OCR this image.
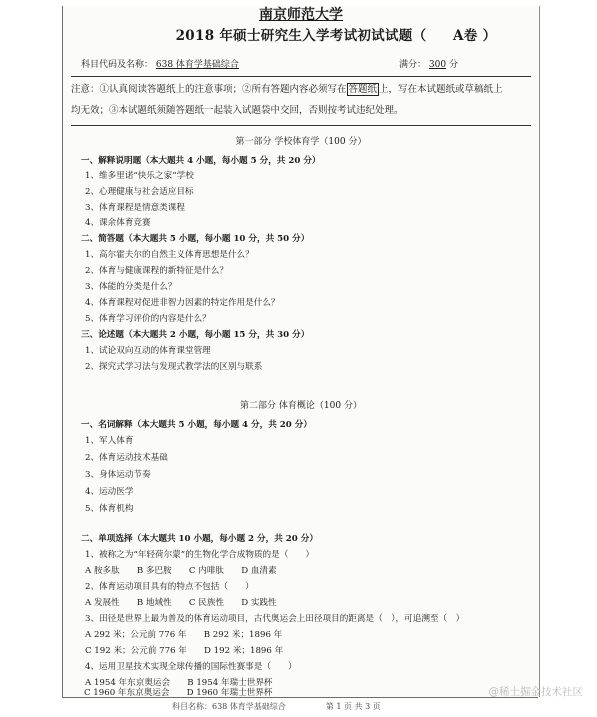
南京师范大学
2018 年硕士研究生入学考试初试试题（ A卷 ）
科目代码及名称： 638 体育学基础综合	满分： 300 分
注意：①认真阅读答题纸上的注意事项；②所有答题内容必须写在 答题纸 上，写在本试题纸或草稿纸上
均无效；③本试题纸须随答题纸一起装入试题袋中交回，否则按考试违纪处理。
第一部分 学校体育学（100 分）
一、解释说明题（本大题共 4 小题，每小题 5 分，共 20 分）
1、维多里诺“快乐之家”学校
2、心理健康与社会适应目标
3、体育课程是情意类课程
4、课余体育竞赛
二、简答题（本大题共 5 小题，每小题 10 分，共 50 分）
1、高尔霍夫尔的自然主义体育思想是什么？
2、体育与健康课程的新特征是什么？
3、体能的分类是什么？
4、体育课程对促进非智力因素的特定作用是什么？
5、体育学习评价的内容是什么？
三、论述题（本大题共 2 小题，每小题 15 分，共 30 分）
1、试论双向互动的体育课堂管理
2、探究式学习法与发现式教学法的区别与联系
第二部分 体育概论（100 分）
一、名词解释（本大题共 5 小题，每小题 4 分，共 20 分）
1、军人体育
2、体育运动技术基础
3、身体运动节奏
4、运动医学
5、体育机构
二、单项选择（本大题共 10 小题，每小题 2 分，共 20 分）
1、被称之为“年轻荷尔蒙”的生物化学合成物质的是（　　）
A 胺多肽　　B 多巴胺　　C 内啡肽　　D 血清素
2、体育运动项目具有的特点不包括（　　）
A 发展性　　B 地域性　　C 民族性　　D 实践性
3、田径是世界上最为普及的体育运动项目，古代奥运会上田径项目的距离是（　），可追溯至（　）
A 292 米；公元前 776 年　　B 292 米；1896 年
C 192 米；公元前 776 年　　D 192 米；1896 年
4、运用卫星技术实现全球传播的国际性赛事是（　　）
A 1954 年东京奥运会　　B 1954 年瑞士世界杯
C 1960 年东京奥运会　　D 1960 年瑞士世界杯
科目名称：638 体育学基础综合　　　　　第 1 页 共 3 页
@稀土掘金技术社区
